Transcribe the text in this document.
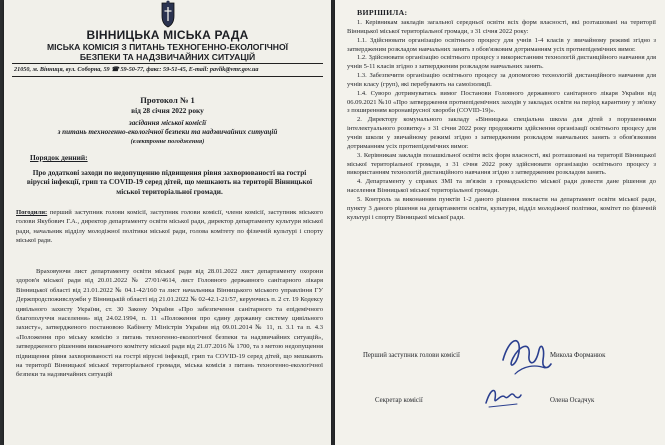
ВІННИЦЬКА МІСЬКА РАДА
МІСЬКА КОМІСІЯ З ПИТАНЬ ТЕХНОГЕННО-ЕКОЛОГІЧНОЇ
БЕЗПЕКИ ТА НАДЗВИЧАЙНИХ СИТУАЦІЙ
21050, м. Вінниця, вул. Соборна, 59 ☎ 59-50-77, факс: 59-51-45, E-mail: pavlik@vmr.gov.ua
Протокол № 1
від 28 січня 2022 року
засідання міської комісії
з питань техногенно-екологічної безпеки та надзвичайних ситуацій
(електронне погодження)
Порядок денний:
Про додаткові заходи по недопущенню підвищення рівня захворюваності на гострі вірусні інфекції, грип та COVID-19 серед дітей, що мешкають на території Вінницької міської територіальної громади.
Погодили: перший заступник голови комісії, заступник голови комісії, члени комісії, заступник міського голови Якубович Г.А., директор департаменту освіти міської ради, директор департаменту культури міської ради, начальник відділу молодіжної політики міської ради, голова комітету по фізичній культурі і спорту міської ради.
Враховуючи лист департаменту освіти міської ради від 28.01.2022 лист департаменту охорони здоров'я міської ради від 20.01.2022 № 27/01/4614, лист Головного державного санітарного лікаря Вінницької області від 21.01.2022 № 04.1-42/160 та лист начальника Вінницького міського управління ГУ Держпродспоживслужби у Вінницькій області від 21.01.2022 № 02-42.1-21/57, керуючись п. 2 ст. 19 Кодексу цивільного захисту України, ст. 30 Закону України «Про забезпечення санітарного та епідемічного благополуччя населення» від 24.02.1994, п. 11 «Положення про єдину державну систему цивільного захисту», затвердженого постановою Кабінету Міністрів України від 09.01.2014 № 11, п. 3.1 та п. 4.3 «Положення про міську комісію з питань техногенно-екологічної безпеки та надзвичайних ситуацій», затвердженого рішенням виконавчого комітету міської ради від 21.07.2016 № 1700, та з метою недопущення підвищення рівня захворюваності на гострі вірусні інфекції, грип та COVID-19 серед дітей, що мешкають на території Вінницької міської територіальної громади, міська комісія з питань техногенно-екологічної безпеки та надзвичайних ситуацій
ВИРІШИЛА:

1. Керівникам закладів загальної середньої освіти всіх форм власності, які розташовані на території Вінницької міської територіальної громади, з 31 січня 2022 року:

1.1. Здійснювати організацію освітнього процесу для учнів 1-4 класів у звичайному режимі згідно з затвердженим розкладом навчальних занять з обов'язковим дотриманням усіх протиепідемічних вимог.

1.2. Здійснювати організацію освітнього процесу з використанням технологій дистанційного навчання для учнів 5-11 класів згідно з затвердженим розкладом навчальних занять.

1.3. Забезпечити організацію освітнього процесу за допомогою технологій дистанційного навчання для учнів класу (груп), які перебувають на самоізоляції.

1.4. Суворо дотримуватись вимог Постанови Головного державного санітарного лікаря України від 06.09.2021 №10 «Про затвердження протиепідемічних заходів у закладах освіти на період карантину у зв'язку з поширенням коронавірусної хвороби (COVID-19)».

2. Директору комунального закладу «Вінницька спеціальна школа для дітей з порушеннями інтелектуального розвитку» з 31 січня 2022 року продовжити здійснення організації освітнього процесу для учнів школи у звичайному режимі згідно з затвердженим розкладом навчальних занять з обов'язковим дотриманням усіх протиепідемічних вимог.

3. Керівникам закладів позашкільної освіти всіх форм власності, які розташовані на території Вінницької міської територіальної громади, з 31 січня 2022 року здійснювати організацію освітнього процесу з використанням технологій дистанційного навчання згідно з затвердженим розкладом занять.

4. Департаменту у справах ЗМІ та зв'язків з громадськістю міської ради довести дане рішення до населення Вінницької міської територіальної громади.

5. Контроль за виконанням пунктів 1-2 даного рішення покласти на департамент освіти міської ради, пункту 3 даного рішення на департаменти освіти, культури, відділ молодіжної політики, комітет по фізичній культурі і спорту Вінницької міської ради.

Перший заступник голови комісії	Микола Форманюк
Секретар комісії	Олена Осадчук
